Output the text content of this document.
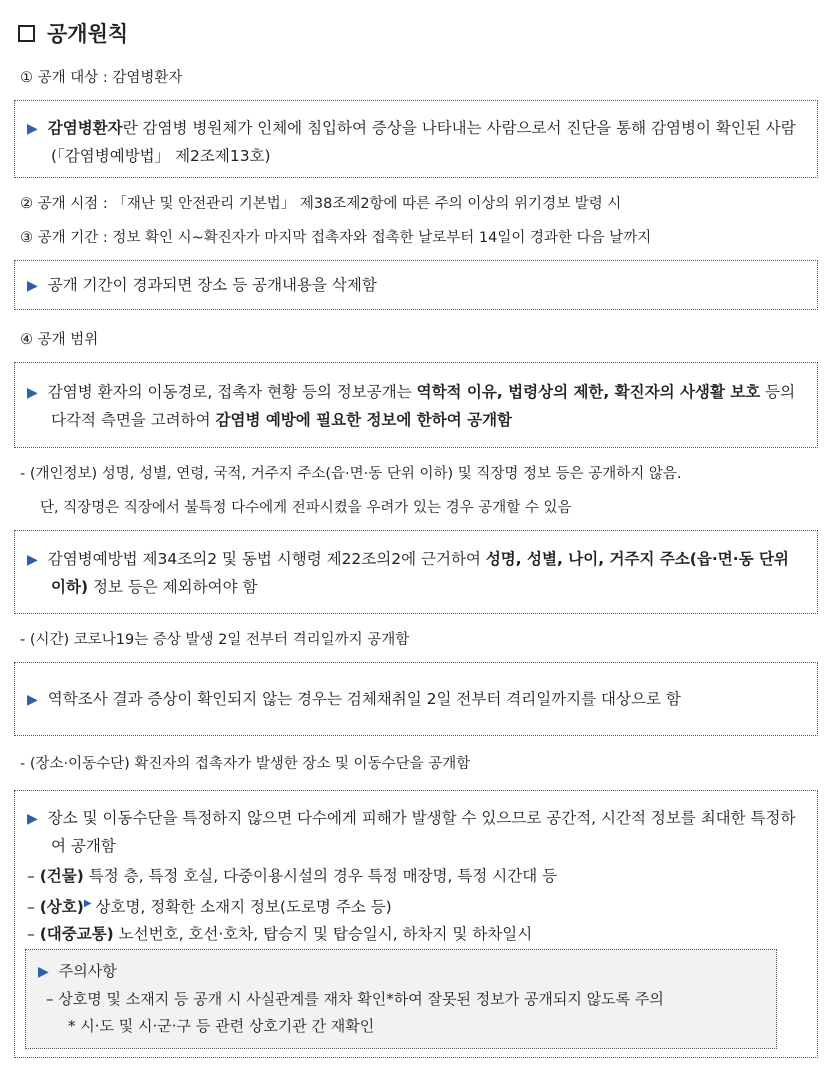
공개원칙
① 공개 대상 : 감염병환자

▶ 감염병환자란 감염병 병원체가 인체에 침입하여 증상을 나타내는 사람으로서 진단을 통해 감염병이 확인된 사람(「감염병예방법」 제2조제13호)

② 공개 시점 : 「재난 및 안전관리 기본법」 제38조제2항에 따른 주의 이상의 위기경보 발령 시
③ 공개 기간 : 정보 확인 시~확진자가 마지막 접촉자와 접촉한 날로부터 14일이 경과한 다음 날까지

▶ 공개 기간이 경과되면 장소 등 공개내용을 삭제함

④ 공개 범위

▶ 감염병 환자의 이동경로, 접촉자 현황 등의 정보공개는 역학적 이유, 법령상의 제한, 확진자의 사생활 보호 등의 다각적 측면을 고려하여 감염병 예방에 필요한 정보에 한하여 공개함

- (개인정보) 성명, 성별, 연령, 국적, 거주지 주소(읍·면·동 단위 이하) 및 직장명 정보 등은 공개하지 않음.
단, 직장명은 직장에서 불특정 다수에게 전파시켰을 우려가 있는 경우 공개할 수 있음

▶ 감염병예방법 제34조의2 및 동법 시행령 제22조의2에 근거하여 성명, 성별, 나이, 거주지 주소(읍·면·동 단위 이하) 정보 등은 제외하여야 함

- (시간) 코로나19는 증상 발생 2일 전부터 격리일까지 공개함

▶ 역학조사 결과 증상이 확인되지 않는 경우는 검체채취일 2일 전부터 격리일까지를 대상으로 함

- (장소·이동수단) 확진자의 접촉자가 발생한 장소 및 이동수단을 공개함

▶ 장소 및 이동수단을 특정하지 않으면 다수에게 피해가 발생할 수 있으므로 공간적, 시간적 정보를 최대한 특정하여 공개함

– (건물) 특정 층, 특정 호실, 다중이용시설의 경우 특정 매장명, 특정 시간대 등

– (상호)▶ 상호명, 정확한 소재지 정보(도로명 주소 등)

– (대중교통) 노선번호, 호선·호차, 탑승지 및 탑승일시, 하차지 및 하차일시

▶ 주의사항

– 상호명 및 소재지 등 공개 시 사실관계를 재차 확인*하여 잘못된 정보가 공개되지 않도록 주의

* 시·도 및 시·군·구 등 관련 상호기관 간 재확인
